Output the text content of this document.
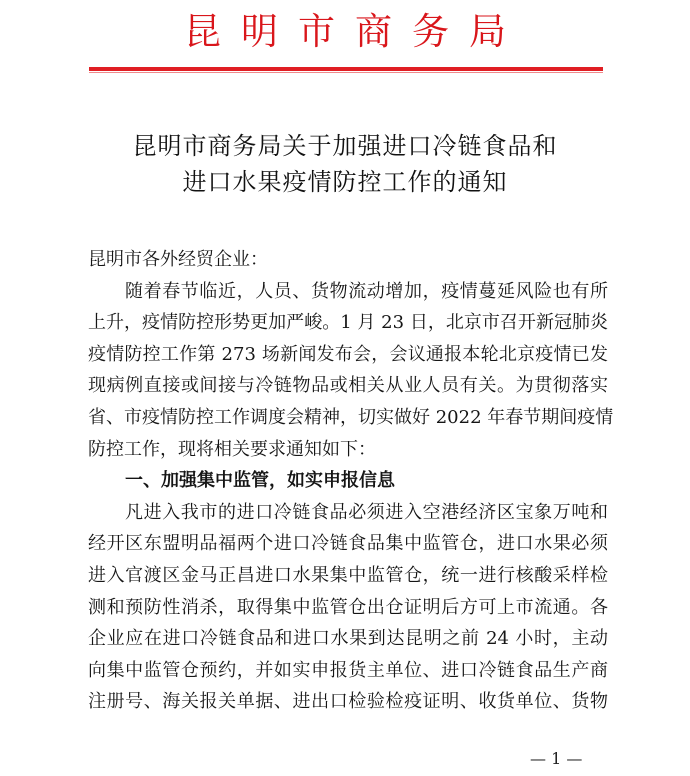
昆明市商务局
昆明市商务局关于加强进口冷链食品和
进口水果疫情防控工作的通知
昆明市各外经贸企业：
随着春节临近，人员、货物流动增加，疫情蔓延风险也有所
上升，疫情防控形势更加严峻。1 月 23 日，北京市召开新冠肺炎
疫情防控工作第 273 场新闻发布会，会议通报本轮北京疫情已发
现病例直接或间接与冷链物品或相关从业人员有关。为贯彻落实
省、市疫情防控工作调度会精神，切实做好 2022 年春节期间疫情
防控工作，现将相关要求通知如下：
一、加强集中监管，如实申报信息
凡进入我市的进口冷链食品必须进入空港经济区宝象万吨和
经开区东盟明品福两个进口冷链食品集中监管仓，进口水果必须
进入官渡区金马正昌进口水果集中监管仓，统一进行核酸采样检
测和预防性消杀，取得集中监管仓出仓证明后方可上市流通。各
企业应在进口冷链食品和进口水果到达昆明之前 24 小时，主动
向集中监管仓预约，并如实申报货主单位、进口冷链食品生产商
注册号、海关报关单据、进出口检验检疫证明、收货单位、货物
— 1 —
